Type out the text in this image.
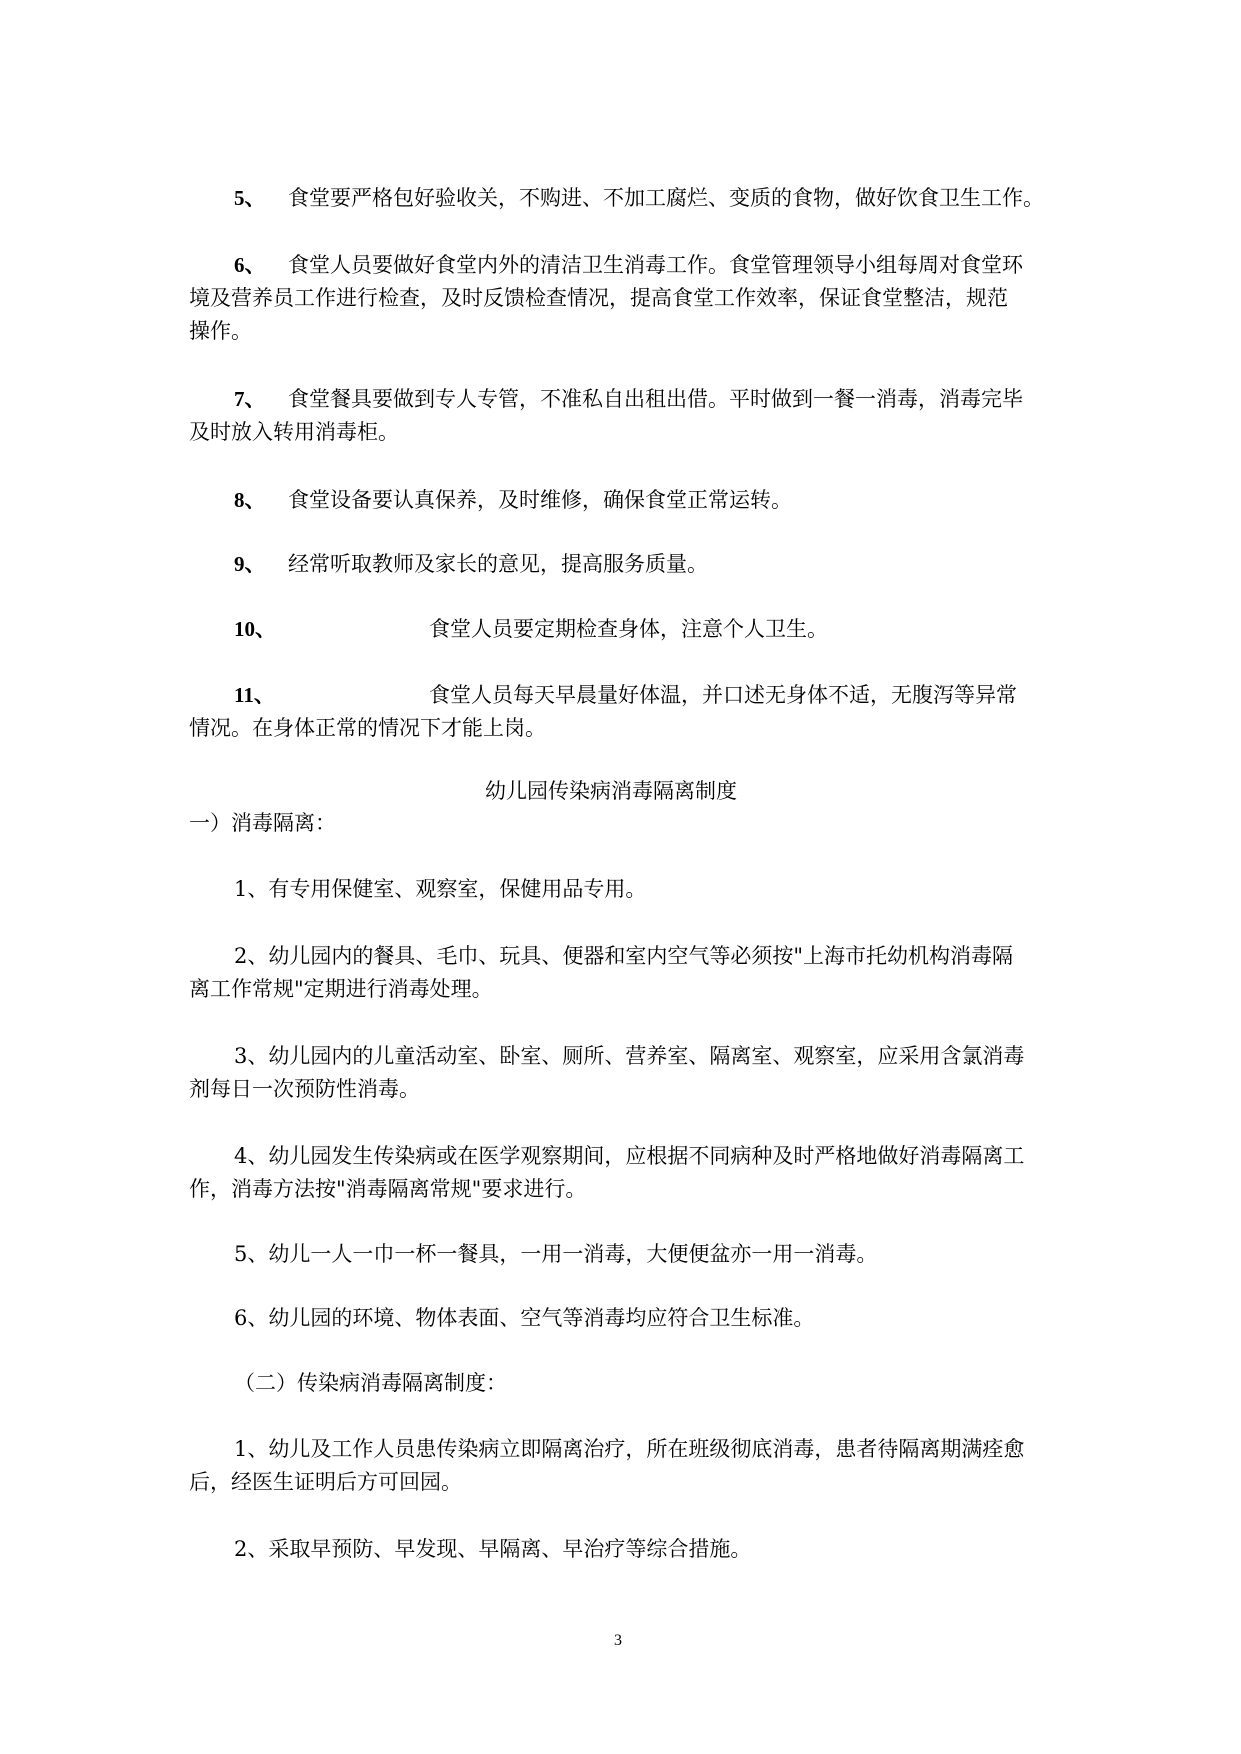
5、 食堂要严格包好验收关，不购进、不加工腐烂、变质的食物，做好饮食卫生工作。
6、 食堂人员要做好食堂内外的清洁卫生消毒工作。食堂管理领导小组每周对食堂环
境及营养员工作进行检查，及时反馈检查情况，提高食堂工作效率，保证食堂整洁，规范
操作。
7、 食堂餐具要做到专人专管，不准私自出租出借。平时做到一餐一消毒，消毒完毕
及时放入转用消毒柜。
8、 食堂设备要认真保养，及时维修，确保食堂正常运转。
9、 经常听取教师及家长的意见，提高服务质量。
10、	食堂人员要定期检查身体，注意个人卫生。
11、	食堂人员每天早晨量好体温，并口述无身体不适，无腹泻等异常
情况。在身体正常的情况下才能上岗。
幼儿园传染病消毒隔离制度
一）消毒隔离：
1、有专用保健室、观察室，保健用品专用。
2、幼儿园内的餐具、毛巾、玩具、便器和室内空气等必须按"上海市托幼机构消毒隔
离工作常规"定期进行消毒处理。
3、幼儿园内的儿童活动室、卧室、厕所、营养室、隔离室、观察室，应采用含氯消毒
剂每日一次预防性消毒。
4、幼儿园发生传染病或在医学观察期间，应根据不同病种及时严格地做好消毒隔离工
作，消毒方法按"消毒隔离常规"要求进行。
5、幼儿一人一巾一杯一餐具，一用一消毒，大便便盆亦一用一消毒。
6、幼儿园的环境、物体表面、空气等消毒均应符合卫生标准。
（二）传染病消毒隔离制度：
1、幼儿及工作人员患传染病立即隔离治疗，所在班级彻底消毒，患者待隔离期满痊愈
后，经医生证明后方可回园。
2、采取早预防、早发现、早隔离、早治疗等综合措施。
3
